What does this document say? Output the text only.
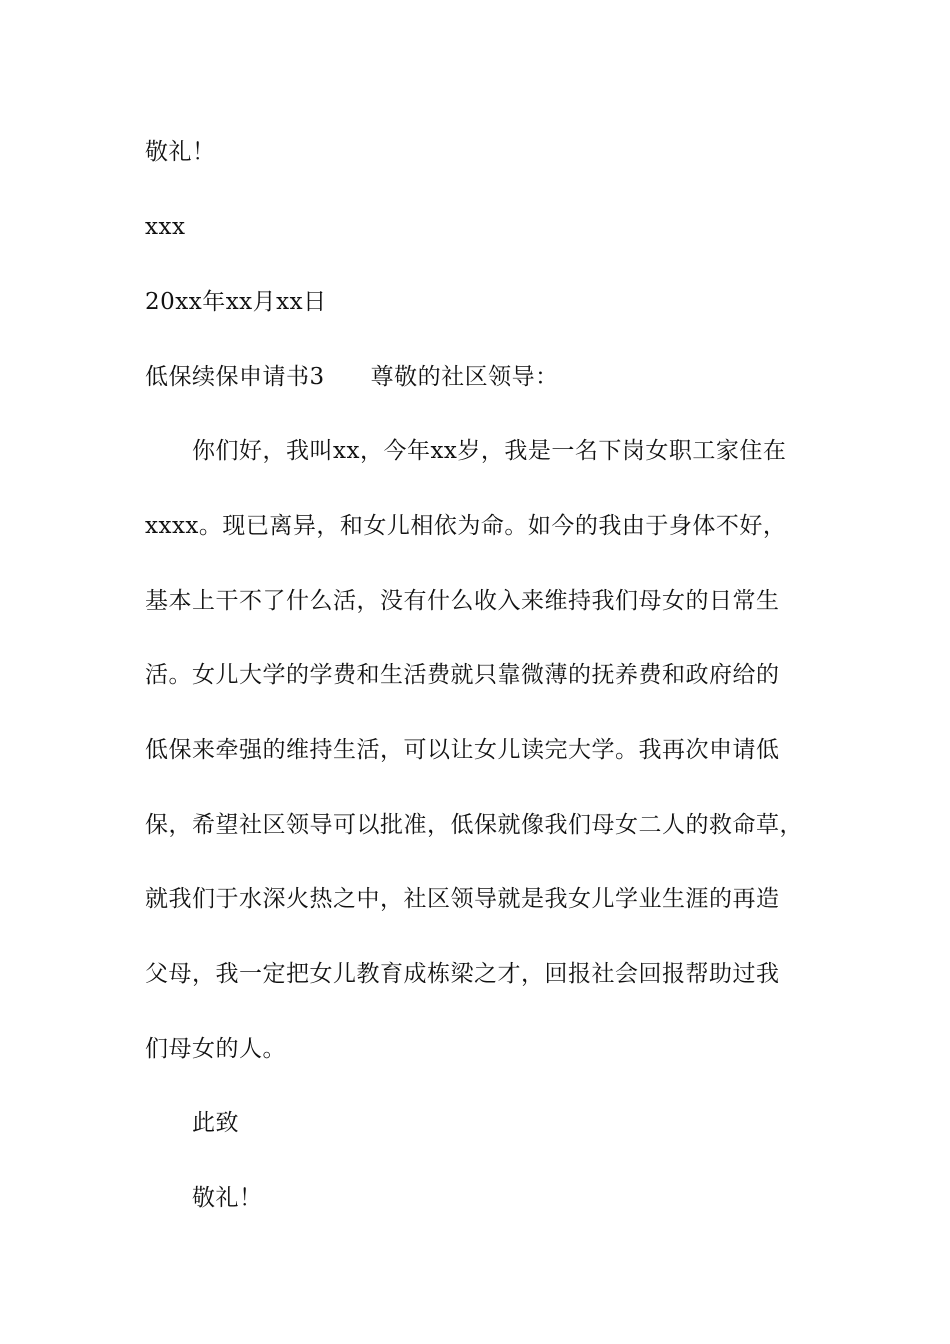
敬礼！
xxx
20xx年xx月xx日
低保续保申请书3 尊敬的社区领导：
你们好，我叫xx，今年xx岁，我是一名下岗女职工家住在
xxxx。现已离异，和女儿相依为命。如今的我由于身体不好，
基本上干不了什么活，没有什么收入来维持我们母女的日常生
活。女儿大学的学费和生活费就只靠微薄的抚养费和政府给的
低保来牵强的维持生活，可以让女儿读完大学。我再次申请低
保，希望社区领导可以批准，低保就像我们母女二人的救命草，
就我们于水深火热之中，社区领导就是我女儿学业生涯的再造
父母，我一定把女儿教育成栋梁之才，回报社会回报帮助过我
们母女的人。
此致
敬礼！
